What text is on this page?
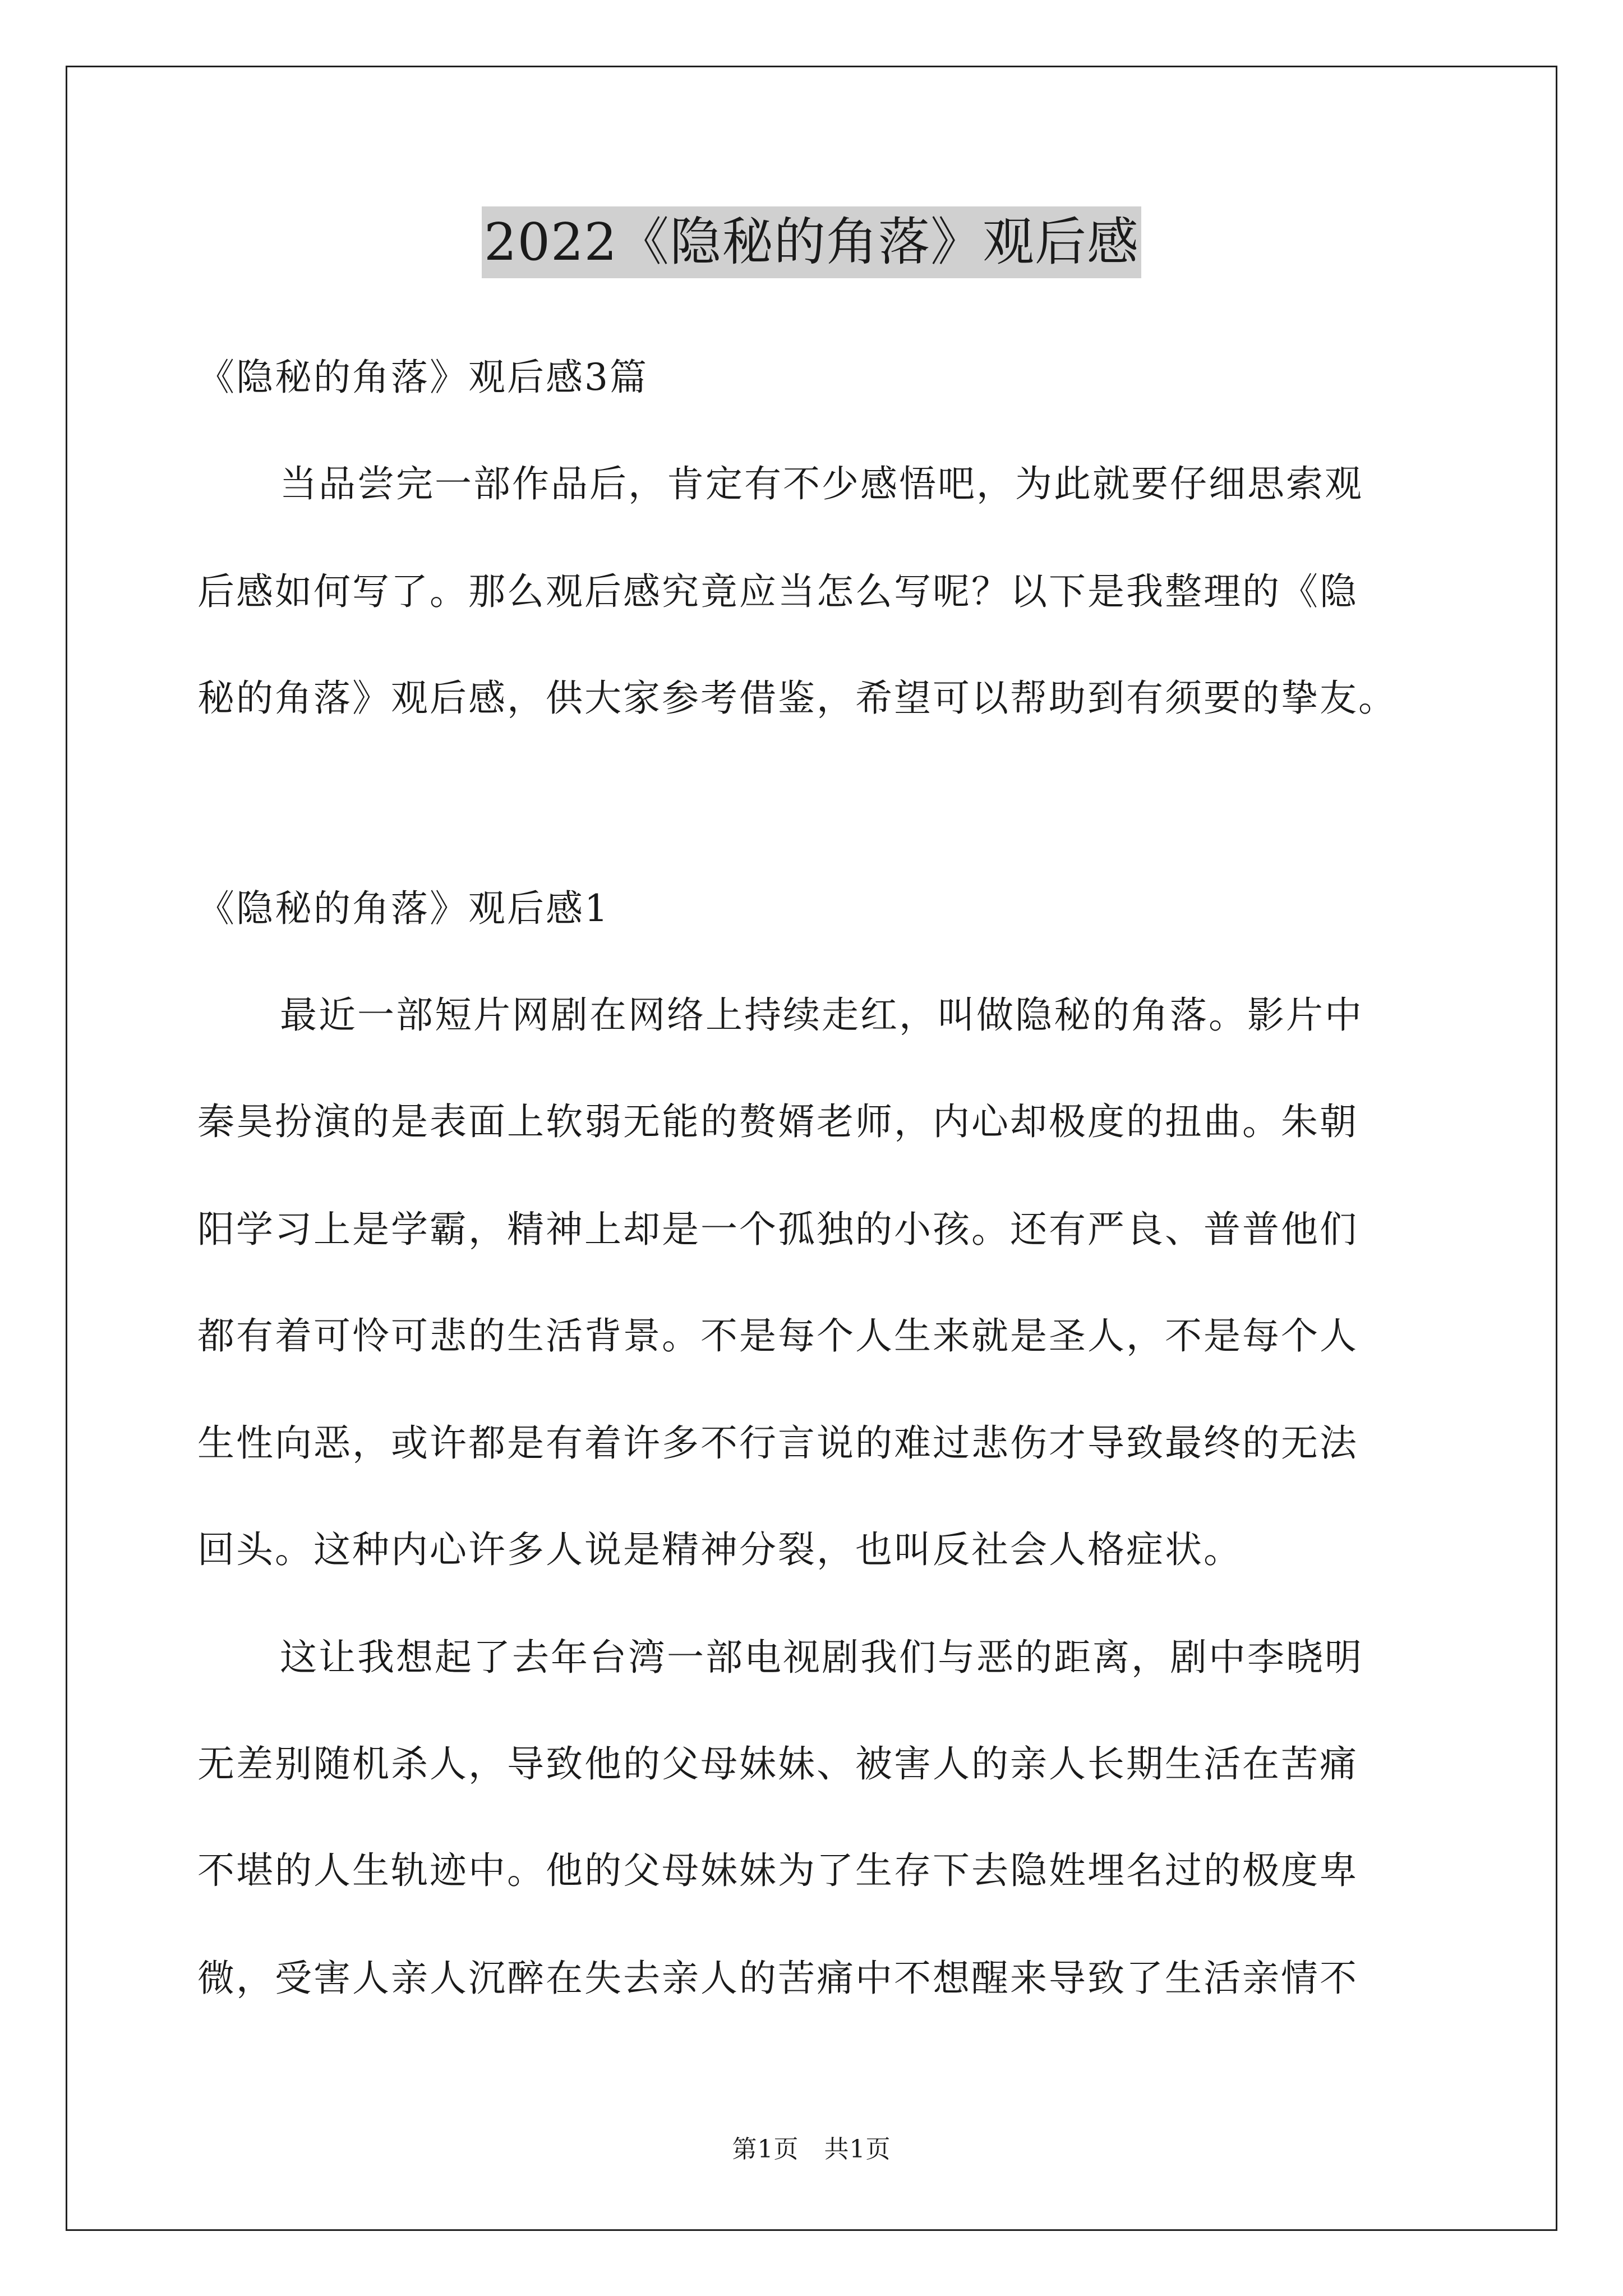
2022《隐秘的角落》观后感
《隐秘的角落》观后感3篇
当品尝完一部作品后，肯定有不少感悟吧，为此就要仔细思索观
后感如何写了。那么观后感究竟应当怎么写呢？以下是我整理的《隐
秘的角落》观后感，供大家参考借鉴，希望可以帮助到有须要的挚友。
《隐秘的角落》观后感1
最近一部短片网剧在网络上持续走红，叫做隐秘的角落。影片中
秦昊扮演的是表面上软弱无能的赘婿老师，内心却极度的扭曲。朱朝
阳学习上是学霸，精神上却是一个孤独的小孩。还有严良、普普他们
都有着可怜可悲的生活背景。不是每个人生来就是圣人，不是每个人
生性向恶，或许都是有着许多不行言说的难过悲伤才导致最终的无法
回头。这种内心许多人说是精神分裂，也叫反社会人格症状。
这让我想起了去年台湾一部电视剧我们与恶的距离，剧中李晓明
无差别随机杀人，导致他的父母妹妹、被害人的亲人长期生活在苦痛
不堪的人生轨迹中。他的父母妹妹为了生存下去隐姓埋名过的极度卑
微，受害人亲人沉醉在失去亲人的苦痛中不想醒来导致了生活亲情不
第1页　共1页
